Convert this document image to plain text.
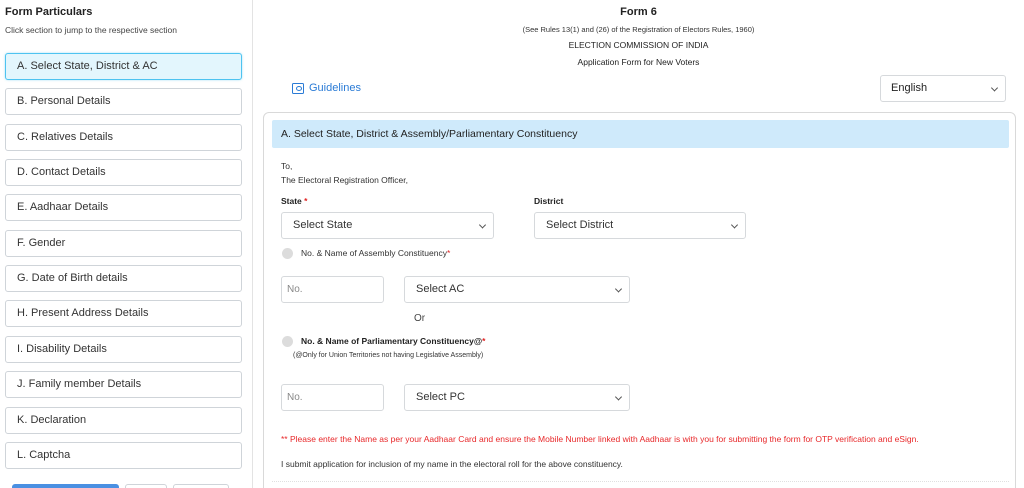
Form Particulars
Click section to jump to the respective section
A. Select State, District & AC
B. Personal Details
C. Relatives Details
D. Contact Details
E. Aadhaar Details
F. Gender
G. Date of Birth details
H. Present Address Details
I. Disability Details
J. Family member Details
K. Declaration
L. Captcha
Form 6
(See Rules 13(1) and (26) of the Registration of Electors Rules, 1960)
ELECTION COMMISSION OF INDIA
Application Form for New Voters
Guidelines	English
A. Select State, District & Assembly/Parliamentary Constituency
To,
The Electoral Registration Officer,
State *	District
Select State	Select District
No. & Name of Assembly Constituency*
No.	Select AC
Or
No. & Name of Parliamentary Constituency@*
(@Only for Union Territories not having Legislative Assembly)
No.	Select PC
** Please enter the Name as per your Aadhaar Card and ensure the Mobile Number linked with Aadhaar is with you for submitting the form for OTP verification and eSign.
I submit application for inclusion of my name in the electoral roll for the above constituency.
